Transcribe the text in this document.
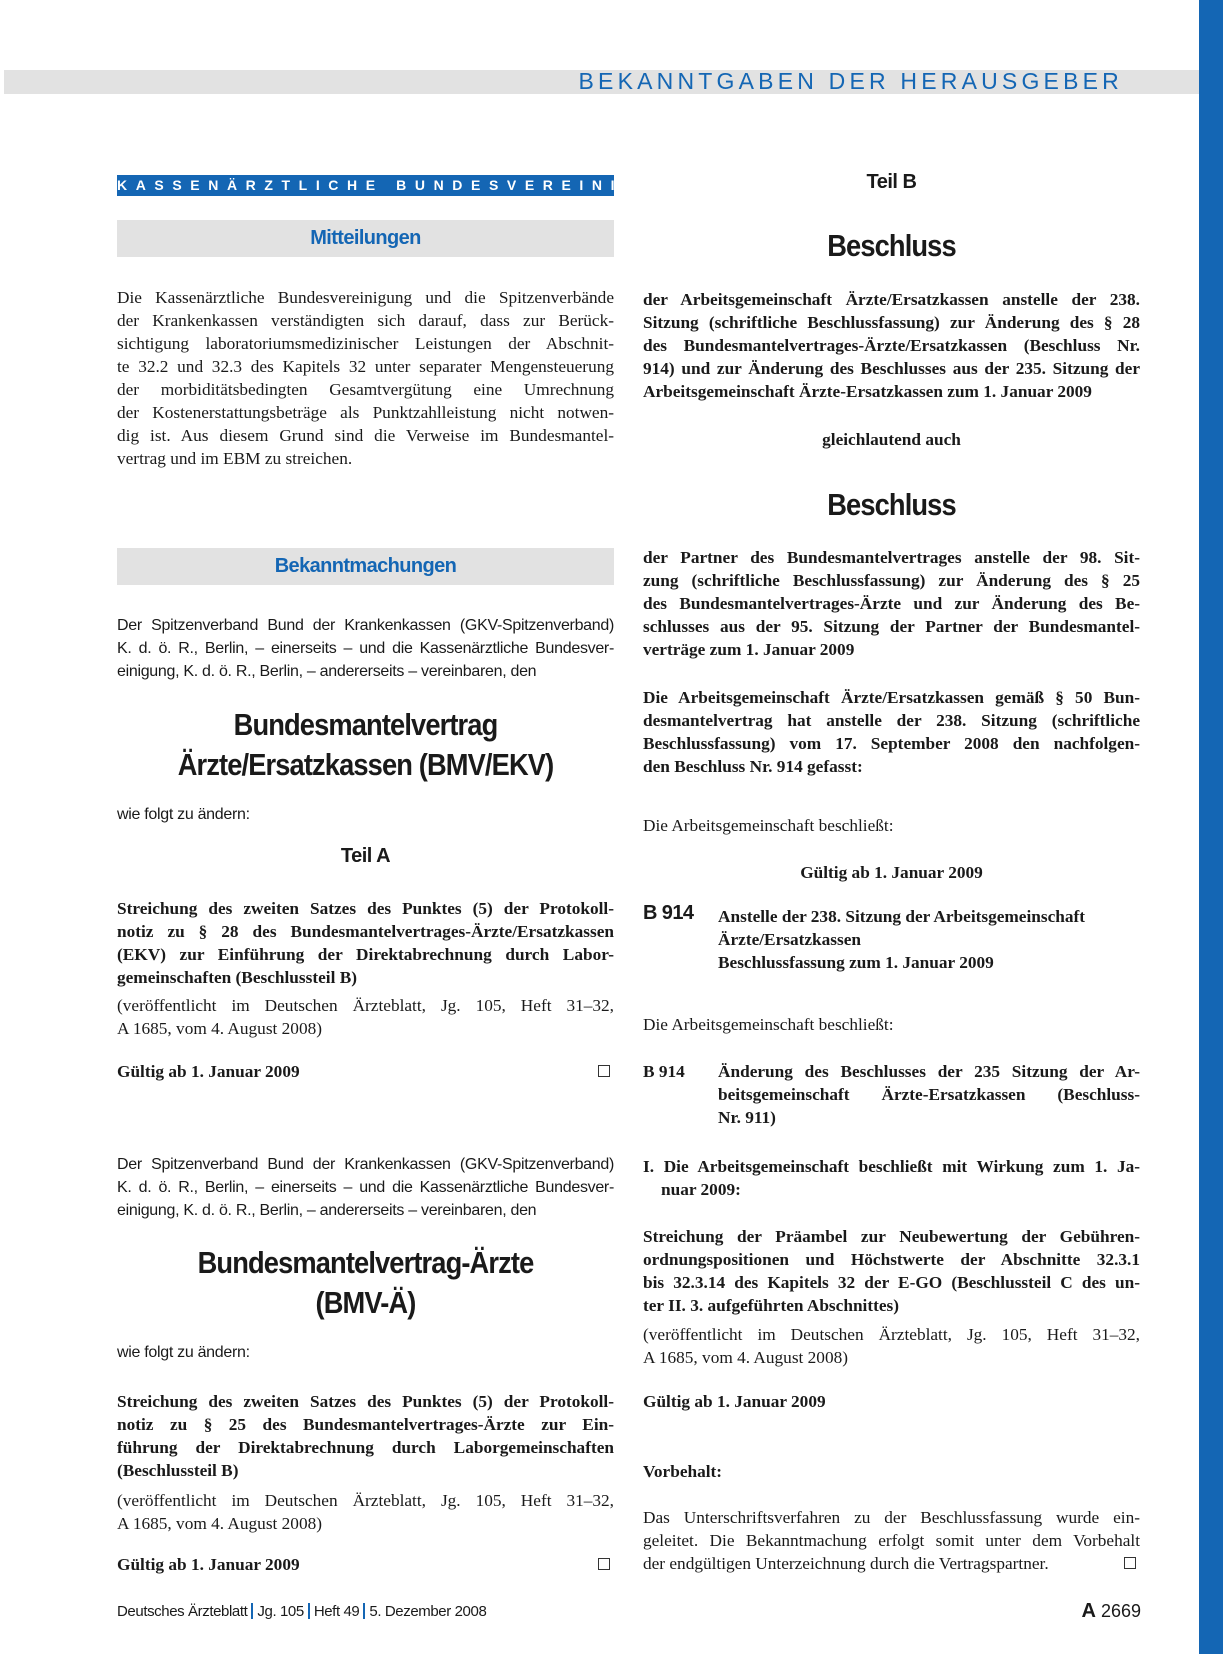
BEKANNTGABEN DER HERAUSGEBER
KASSENÄRZTLICHE BUNDESVEREINIGUNG
Mitteilungen
Die Kassenärztliche Bundesvereinigung und die Spitzenverbände
der Krankenkassen verständigten sich darauf, dass zur Berück-
sichtigung laboratoriumsmedizinischer Leistungen der Abschnit-
te 32.2 und 32.3 des Kapitels 32 unter separater Mengensteuerung
der morbiditätsbedingten Gesamtvergütung eine Umrechnung
der Kostenerstattungsbeträge als Punktzahlleistung nicht notwen-
dig ist. Aus diesem Grund sind die Verweise im Bundesmantel-
vertrag und im EBM zu streichen.
Bekanntmachungen
Der Spitzenverband Bund der Krankenkassen (GKV-Spitzenverband)
K. d. ö. R., Berlin, – einerseits – und die Kassenärztliche Bundesver-
einigung, K. d. ö. R., Berlin, – andererseits – vereinbaren, den
Bundesmantelvertrag
Ärzte/Ersatzkassen (BMV/EKV)
wie folgt zu ändern:
Teil A
Streichung des zweiten Satzes des Punktes (5) der Protokoll-
notiz zu § 28 des Bundesmantelvertrages-Ärzte/Ersatzkassen
(EKV) zur Einführung der Direktabrechnung durch Labor-
gemeinschaften (Beschlussteil B)
(veröffentlicht im Deutschen Ärzteblatt, Jg. 105, Heft 31–32,
A 1685, vom 4. August 2008)
Gültig ab 1. Januar 2009
Der Spitzenverband Bund der Krankenkassen (GKV-Spitzenverband)
K. d. ö. R., Berlin, – einerseits – und die Kassenärztliche Bundesver-
einigung, K. d. ö. R., Berlin, – andererseits – vereinbaren, den
Bundesmantelvertrag-Ärzte
(BMV-Ä)
wie folgt zu ändern:
Streichung des zweiten Satzes des Punktes (5) der Protokoll-
notiz zu § 25 des Bundesmantelvertrages-Ärzte zur Ein-
führung der Direktabrechnung durch Laborgemeinschaften
(Beschlussteil B)
(veröffentlicht im Deutschen Ärzteblatt, Jg. 105, Heft 31–32,
A 1685, vom 4. August 2008)
Gültig ab 1. Januar 2009
Teil B
Beschluss
der Arbeitsgemeinschaft Ärzte/Ersatzkassen anstelle der 238.
Sitzung (schriftliche Beschlussfassung) zur Änderung des § 28
des Bundesmantelvertrages-Ärzte/Ersatzkassen (Beschluss Nr.
914) und zur Änderung des Beschlusses aus der 235. Sitzung der
Arbeitsgemeinschaft Ärzte-Ersatzkassen zum 1. Januar 2009
gleichlautend auch
Beschluss
der Partner des Bundesmantelvertrages anstelle der 98. Sit-
zung (schriftliche Beschlussfassung) zur Änderung des § 25
des Bundesmantelvertrages-Ärzte und zur Änderung des Be-
schlusses aus der 95. Sitzung der Partner der Bundesmantel-
verträge zum 1. Januar 2009
Die Arbeitsgemeinschaft Ärzte/Ersatzkassen gemäß § 50 Bun-
desmantelvertrag hat anstelle der 238. Sitzung (schriftliche
Beschlussfassung) vom 17. September 2008 den nachfolgen-
den Beschluss Nr. 914 gefasst:
Die Arbeitsgemeinschaft beschließt:
Gültig ab 1. Januar 2009
B 914 Anstelle der 238. Sitzung der Arbeitsgemeinschaft
Ärzte/Ersatzkassen
Beschlussfassung zum 1. Januar 2009
Die Arbeitsgemeinschaft beschließt:
B 914 Änderung des Beschlusses der 235 Sitzung der Ar-
beitsgemeinschaft Ärzte-Ersatzkassen (Beschluss-
Nr. 911)
I. Die Arbeitsgemeinschaft beschließt mit Wirkung zum 1. Ja-
nuar 2009:
Streichung der Präambel zur Neubewertung der Gebühren-
ordnungspositionen und Höchstwerte der Abschnitte 32.3.1
bis 32.3.14 des Kapitels 32 der E-GO (Beschlussteil C des un-
ter II. 3. aufgeführten Abschnittes)
(veröffentlicht im Deutschen Ärzteblatt, Jg. 105, Heft 31–32,
A 1685, vom 4. August 2008)
Gültig ab 1. Januar 2009
Vorbehalt:
Das Unterschriftsverfahren zu der Beschlussfassung wurde ein-
geleitet. Die Bekanntmachung erfolgt somit unter dem Vorbehalt
der endgültigen Unterzeichnung durch die Vertragspartner.
Deutsches Ärzteblatt Jg. 105 Heft 49 5. Dezember 2008	A 2669
